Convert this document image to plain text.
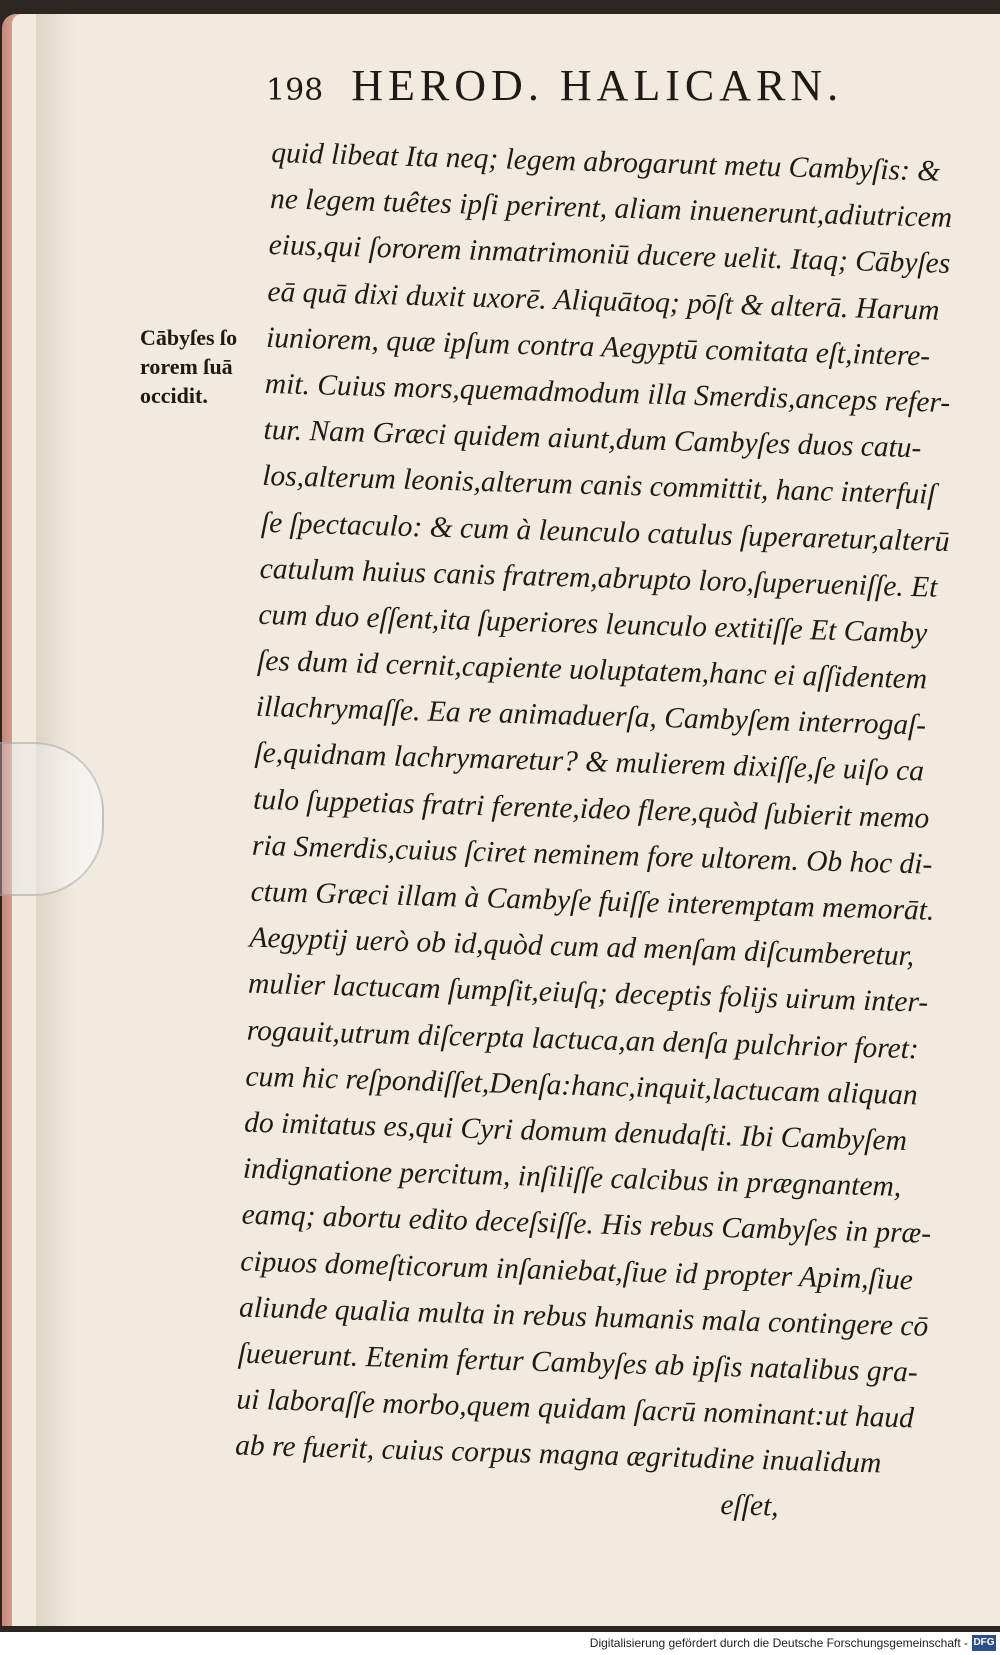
198 HEROD. HALICARN.
Cābyſes ſo
rorem ſuā
occidit.
quid libeat Ita neq; legem abrogarunt metu Cambyſis: &
ne legem tuêtes ipſi perirent, aliam inuenerunt,adiutricem
eius,qui ſororem inmatrimoniū ducere uelit. Itaq; Cābyſes
eā quā dixi duxit uxorē. Aliquātoq; pōſt & alterā. Harum
iuniorem, quæ ipſum contra Aegyptū comitata eſt,intere-
mit. Cuius mors,quemadmodum illa Smerdis,anceps refer-
tur. Nam Græci quidem aiunt,dum Cambyſes duos catu-
los,alterum leonis,alterum canis committit, hanc interfuiſ
ſe ſpectaculo: & cum à leunculo catulus ſuperaretur,alterū
catulum huius canis fratrem,abrupto loro,ſuperueniſſe. Et
cum duo eſſent,ita ſuperiores leunculo extitiſſe Et Camby
ſes dum id cernit,capiente uoluptatem,hanc ei aſſidentem
illachrymaſſe. Ea re animaduerſa, Cambyſem interrogaſ-
ſe,quidnam lachrymaretur? & mulierem dixiſſe,ſe uiſo ca
tulo ſuppetias fratri ferente,ideo flere,quòd ſubierit memo
ria Smerdis,cuius ſciret neminem fore ultorem. Ob hoc di-
ctum Græci illam à Cambyſe fuiſſe interemptam memorāt.
Aegyptij uerò ob id,quòd cum ad menſam diſcumberetur,
mulier lactucam ſumpſit,eiuſq; deceptis folijs uirum inter-
rogauit,utrum diſcerpta lactuca,an denſa pulchrior foret:
cum hic reſpondiſſet,Denſa:hanc,inquit,lactucam aliquan
do imitatus es,qui Cyri domum denudaſti. Ibi Cambyſem
indignatione percitum, inſiliſſe calcibus in prægnantem,
eamq; abortu edito deceſsiſſe. His rebus Cambyſes in præ-
cipuos domeſticorum inſaniebat,ſiue id propter Apim,ſiue
aliunde qualia multa in rebus humanis mala contingere cō
ſueuerunt. Etenim fertur Cambyſes ab ipſis natalibus gra-
ui laboraſſe morbo,quem quidam ſacrū nominant:ut haud
ab re fuerit, cuius corpus magna ægritudine inualidum
eſſet,
Digitalisierung gefördert durch die Deutsche Forschungsgemeinschaft - DFG
